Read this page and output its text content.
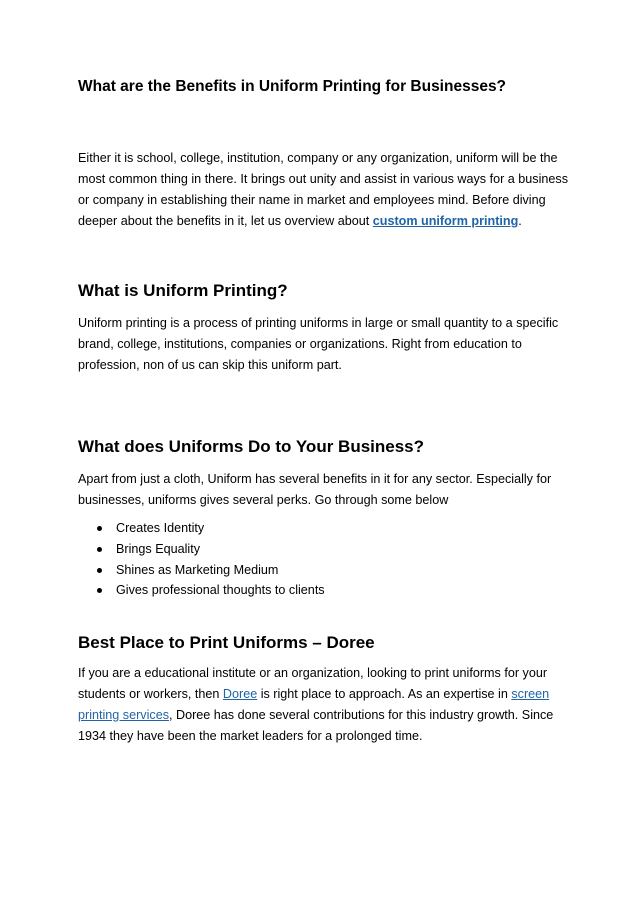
What are the Benefits in Uniform Printing for Businesses?

Either it is school, college, institution, company or any organization, uniform will be the most common thing in there. It brings out unity and assist in various ways for a business or company in establishing their name in market and employees mind. Before diving deeper about the benefits in it, let us overview about custom uniform printing.

What is Uniform Printing?

Uniform printing is a process of printing uniforms in large or small quantity to a specific brand, college, institutions, companies or organizations. Right from education to profession, non of us can skip this uniform part.

What does Uniforms Do to Your Business?

Apart from just a cloth, Uniform has several benefits in it for any sector. Especially for businesses, uniforms gives several perks. Go through some below

Creates Identity
Brings Equality
Shines as Marketing Medium
Gives professional thoughts to clients
Best Place to Print Uniforms – Doree

If you are a educational institute or an organization, looking to print uniforms for your students or workers, then Doree is right place to approach. As an expertise in screen printing services, Doree has done several contributions for this industry growth. Since 1934 they have been the market leaders for a prolonged time.
